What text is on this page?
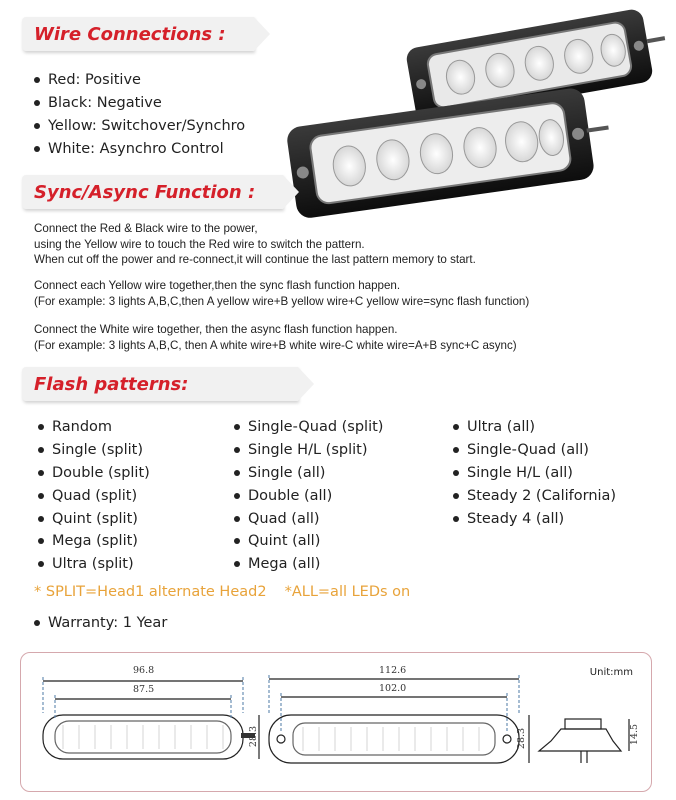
Wire Connections :
Red: Positive
Black: Negative
Yellow: Switchover/Synchro
White: Asynchro Control
Sync/Async Function :
Connect the Red & Black wire to the power,
using the Yellow wire to touch the Red wire to switch the pattern.
When cut off the power and re-connect,it will continue the last pattern memory to start.
Connect each Yellow wire together,then the sync flash function happen.
(For example: 3 lights A,B,C,then A yellow wire+B yellow wire+C yellow wire=sync flash function)
Connect the White wire together, then the async flash function happen.
(For example: 3 lights A,B,C, then A white wire+B white wire-C white wire=A+B sync+C async)
Flash patterns:
Random
Single (split)
Double (split)
Quad (split)
Quint (split)
Mega (split)
Ultra (split)
Single-Quad (split)
Single H/L (split)
Single (all)
Double (all)
Quad (all)
Quint (all)
Mega (all)
Ultra (all)
Single-Quad (all)
Single H/L (all)
Steady 2 (California)
Steady 4 (all)
* SPLIT=Head1 alternate Head2 *ALL=all LEDs on
Warranty: 1 Year
Unit:mm
96.8
87.5
28.3
112.6
102.0
28.3	14.5
